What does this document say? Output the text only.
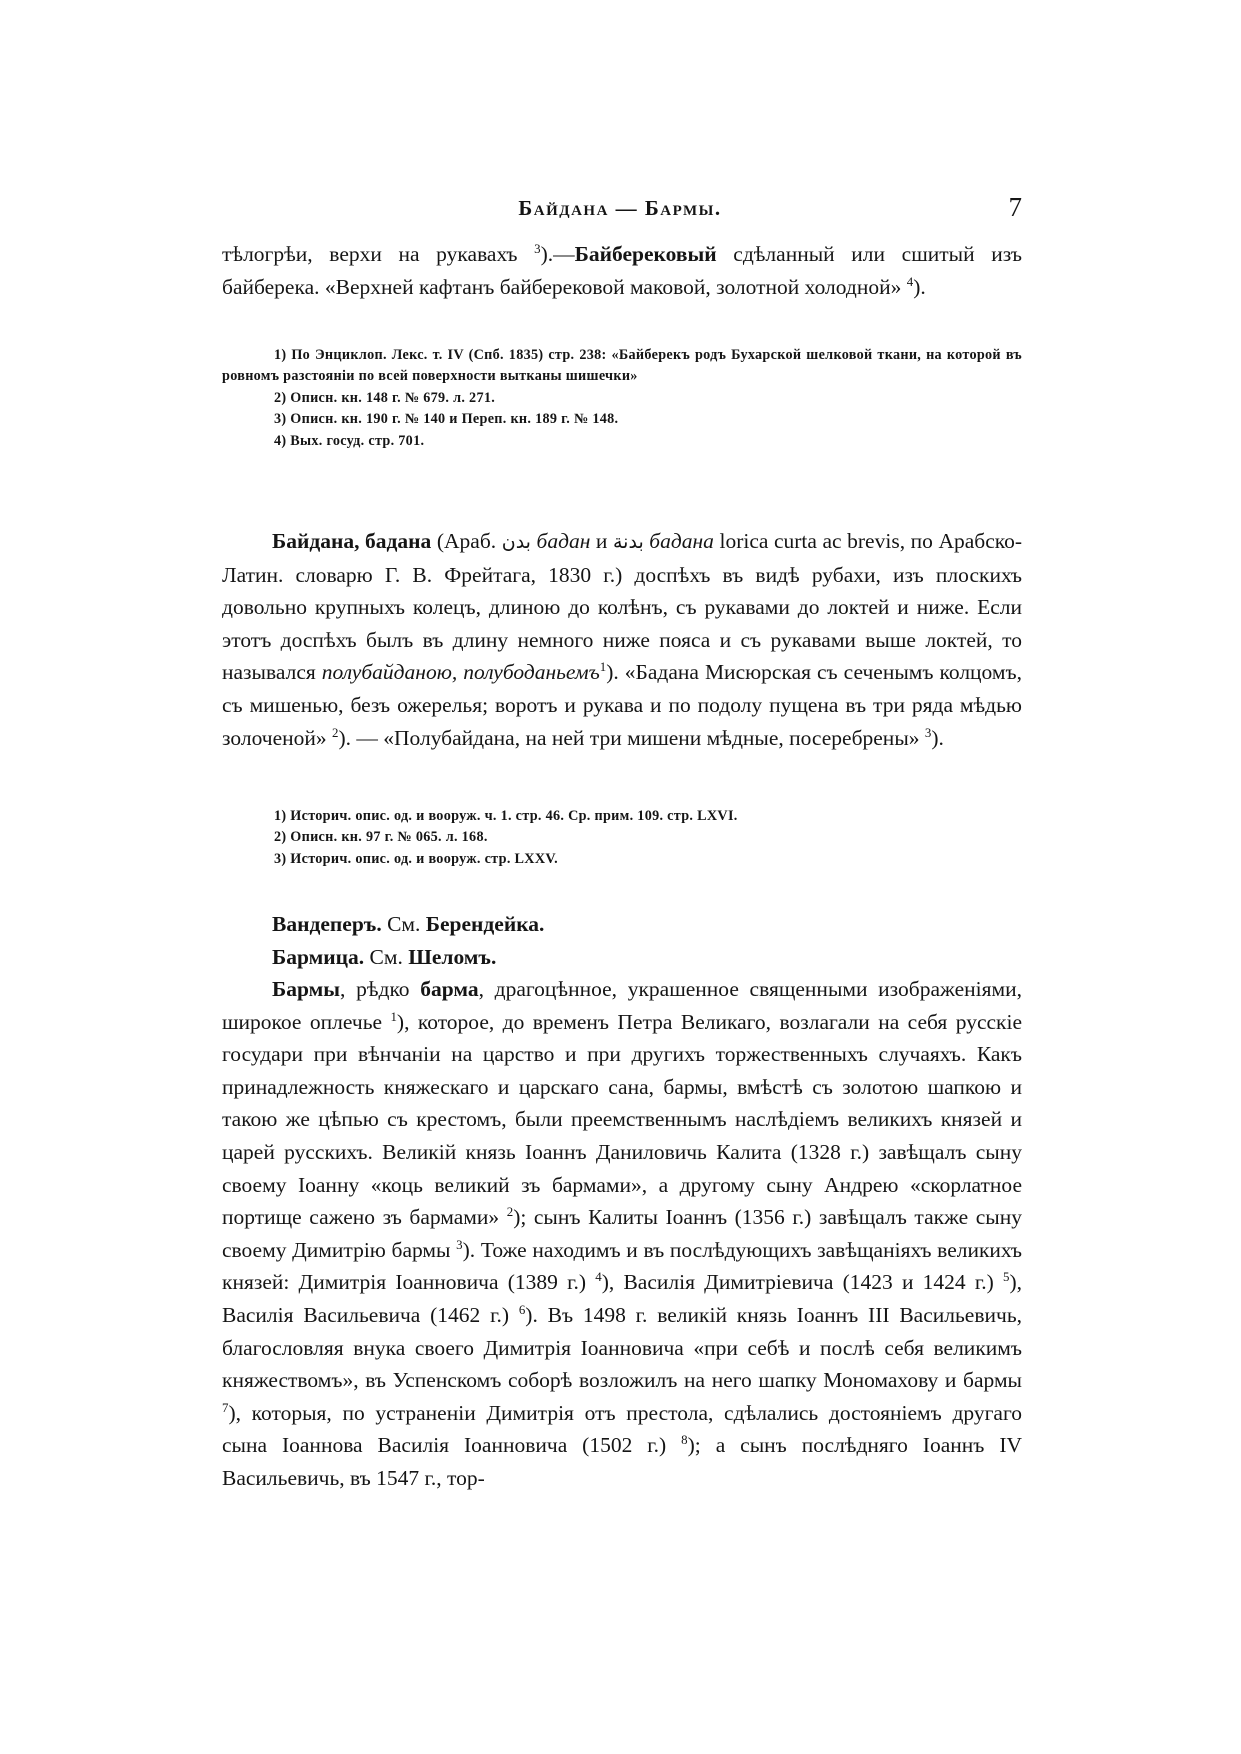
Байдана — Бармы.	7

тѣлогрѣи, верхи на рукавахъ $^3$).—Байберековый сдѣланный или сшитый изъ байберека. «Верхней кафтанъ байберековой маковой, золотной холодной» $^4$).

1) По Энциклоп. Лекс. т. IV (Спб. 1835) стр. 238: «Байберекъ родъ Бухарской шелковой ткани, на которой въ ровномъ разстояніи по всей поверхности вытканы шишечки»

2) Описн. кн. 148 г. № 679. л. 271.

3) Описн. кн. 190 г. № 140 и Переп. кн. 189 г. № 148.

4) Вых. госуд. стр. 701.

Байдана, бадана (Араб. بدن бадан и بدنة бадана lorica curta ac brevis, по Арабско-Латин. словарю Г. В. Фрейтага, 1830 г.) доспѣхъ въ видѣ рубахи, изъ плоскихъ довольно крупныхъ колецъ, длиною до колѣнъ, съ рукавами до локтей и ниже. Если этотъ доспѣхъ былъ въ длину немного ниже пояса и съ рукавами выше локтей, то назывался полубайданою, полубоданьемъ$^1$). «Бадана Мисюрская съ сеченымъ колцомъ, съ мишенью, безъ ожерелья; воротъ и рукава и по подолу пущена въ три ряда мѣдью золоченой» $^2$). — «Полубайдана, на ней три мишени мѣдные, посеребрены» $^3$).

1) Историч. опис. од. и вооруж. ч. 1. стр. 46. Ср. прим. 109. стр. LXVI.

2) Описн. кн. 97 г. № 065. л. 168.

3) Историч. опис. од. и вооруж. стр. LXXV.

Вандеперъ. См. Берендейка.

Бармица. См. Шеломъ.

Бармы, рѣдко барма, драгоцѣнное, украшенное священными изображеніями, широкое оплечье $^1$), которое, до временъ Петра Великаго, возлагали на себя русскіе государи при вѣнчаніи на царство и при другихъ торжественныхъ случаяхъ. Какъ принадлежность княжескаго и царскаго сана, бармы, вмѣстѣ съ золотою шапкою и такою же цѣпью съ крестомъ, были преемственнымъ наслѣдіемъ великихъ князей и царей русскихъ. Великій князь Іоаннъ Даниловичь Калита (1328 г.) завѣщалъ сыну своему Іоанну «коць великий зъ бармами», а другому сыну Андрею «скорлатное портище сажено зъ бармами» $^2$); сынъ Калиты Іоаннъ (1356 г.) завѣщалъ также сыну своему Димитрію бармы $^3$). Тоже находимъ и въ послѣдующихъ завѣщаніяхъ великихъ князей: Димитрія Іоанновича (1389 г.) $^4$), Василія Димитріевича (1423 и 1424 г.) $^5$), Василія Васильевича (1462 г.) $^6$). Въ 1498 г. великій князь Іоаннъ III Васильевичь, благословляя внука своего Димитрія Іоанновича «при себѣ и послѣ себя великимъ княжествомъ», въ Успенскомъ соборѣ возложилъ на него шапку Мономахову и бармы $^7$), которыя, по устраненіи Димитрія отъ престола, сдѣлались достояніемъ другаго сына Іоаннова Василія Іоанновича (1502 г.) $^8$); а сынъ послѣдняго Іоаннъ IV Васильевичь, въ 1547 г., тор-
